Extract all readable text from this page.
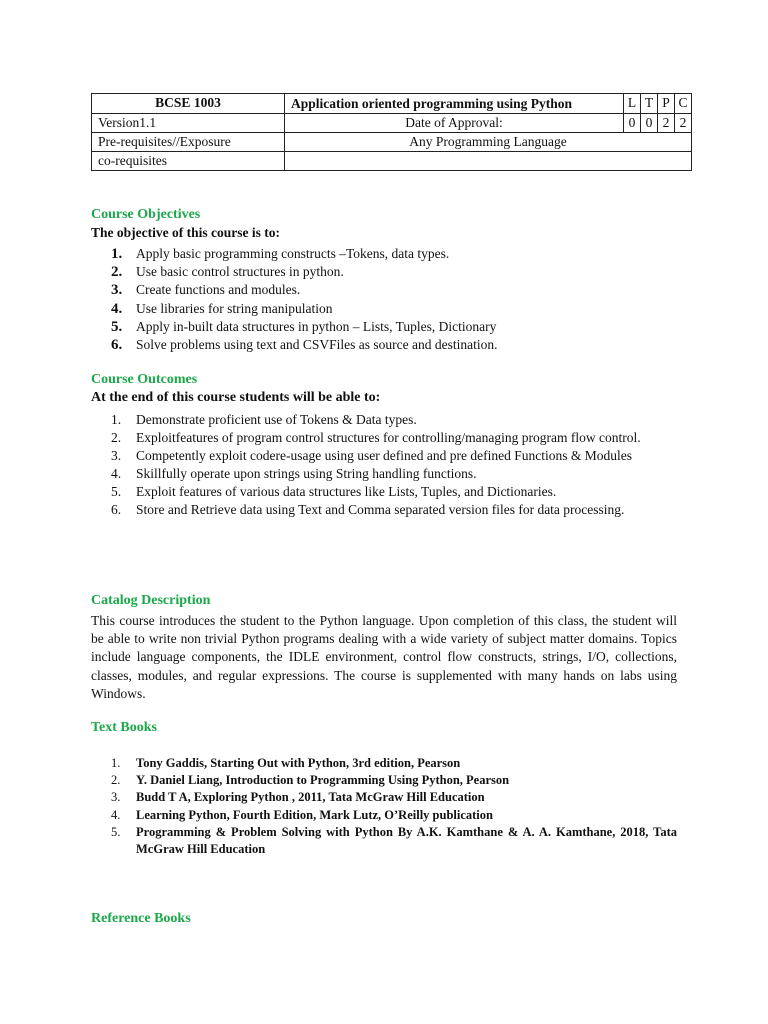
BCSE 1003	Application oriented programming using Python	L	T	P	C
Version1.1	Date of Approval:	0	0	2	2
Pre-requisites//Exposure	Any Programming Language				
co-requisites					
Course Objectives
The objective of this course is to:
1. Apply basic programming constructs –Tokens, data types.
2. Use basic control structures in python.
3. Create functions and modules.
4. Use libraries for string manipulation
5. Apply in-built data structures in python – Lists, Tuples, Dictionary
6. Solve problems using text and CSVFiles as source and destination.
Course Outcomes
At the end of this course students will be able to:
1. Demonstrate proficient use of Tokens & Data types.
2. Exploitfeatures of program control structures for controlling/managing program flow control.
3. Competently exploit codere-usage using user defined and pre defined Functions & Modules
4. Skillfully operate upon strings using String handling functions.
5. Exploit features of various data structures like Lists, Tuples, and Dictionaries.
6. Store and Retrieve data using Text and Comma separated version files for data processing.
Catalog Description

This course introduces the student to the Python language. Upon completion of this class, the student will be able to write non trivial Python programs dealing with a wide variety of subject matter domains. Topics include language components, the IDLE environment, control flow constructs, strings, I/O, collections, classes, modules, and regular expressions. The course is supplemented with many hands on labs using Windows.

Text Books
1. Tony Gaddis, Starting Out with Python, 3rd edition, Pearson
2. Y. Daniel Liang, Introduction to Programming Using Python, Pearson
3. Budd T A, Exploring Python , 2011, Tata McGraw Hill Education
4. Learning Python, Fourth Edition, Mark Lutz, O’Reilly publication
5. Programming & Problem Solving with Python By A.K. Kamthane & A. A. Kamthane, 2018, Tata McGraw Hill Education
Reference Books
